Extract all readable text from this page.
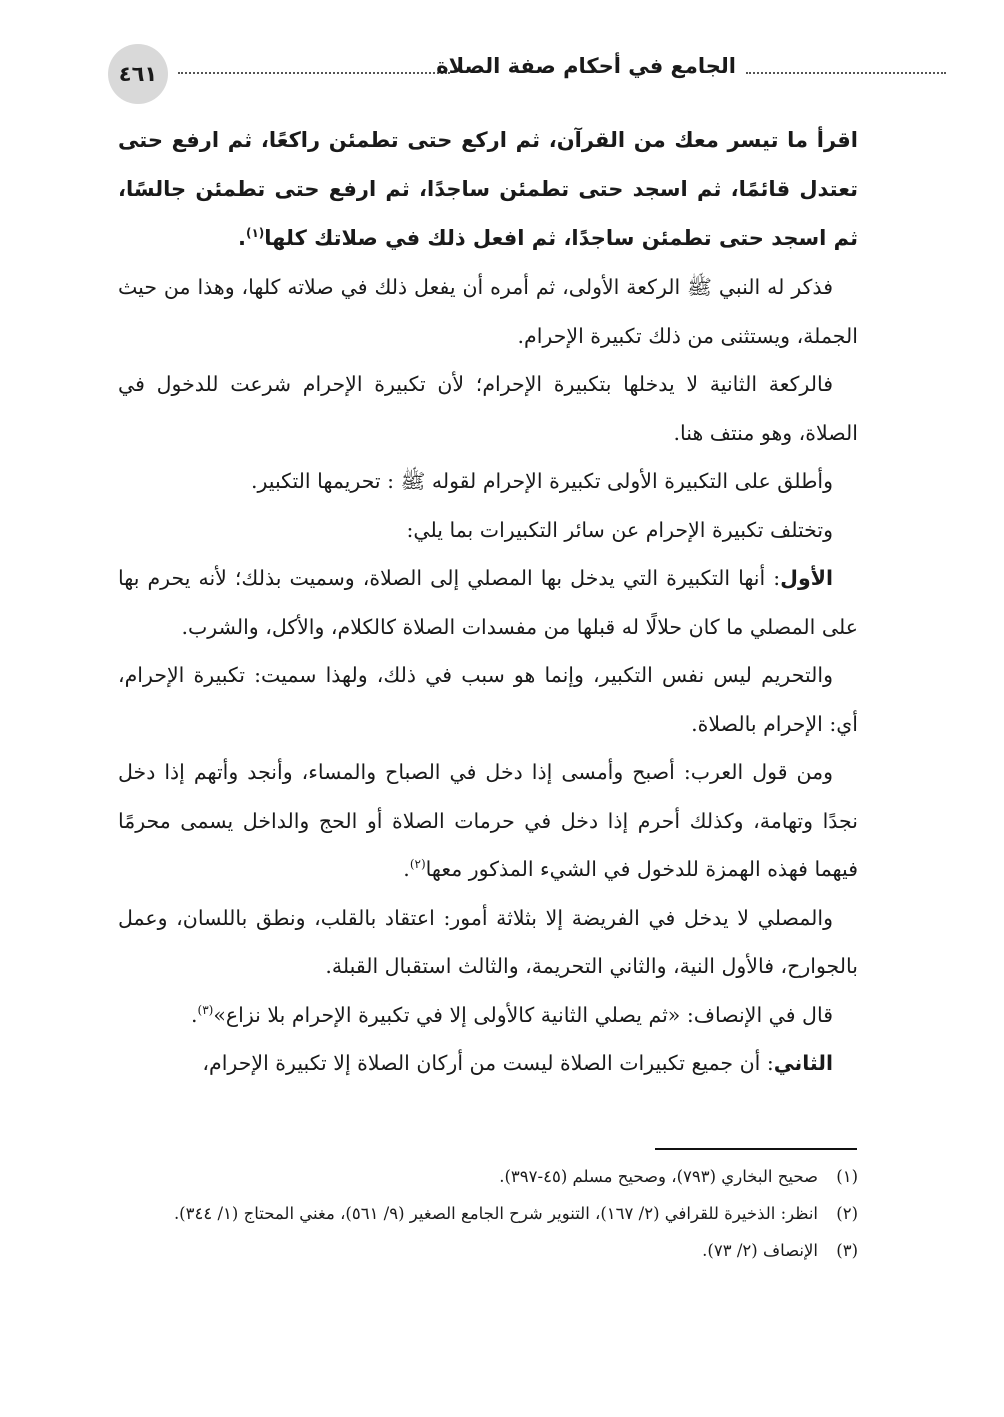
٤٦١	الجامع في أحكام صفة الصلاة

اقرأ ما تيسر معك من القرآن، ثم اركع حتى تطمئن راكعًا، ثم ارفع حتى تعتدل قائمًا، ثم اسجد حتى تطمئن ساجدًا، ثم ارفع حتى تطمئن جالسًا، ثم اسجد حتى تطمئن ساجدًا، ثم افعل ذلك في صلاتك كلها$^{(١)}$.

فذكر له النبي ﷺ الركعة الأولى، ثم أمره أن يفعل ذلك في صلاته كلها، وهذا من حيث الجملة، ويستثنى من ذلك تكبيرة الإحرام.

فالركعة الثانية لا يدخلها بتكبيرة الإحرام؛ لأن تكبيرة الإحرام شرعت للدخول في الصلاة، وهو منتف هنا.

وأطلق على التكبيرة الأولى تكبيرة الإحرام لقوله ﷺ : تحريمها التكبير.

وتختلف تكبيرة الإحرام عن سائر التكبيرات بما يلي:

الأول: أنها التكبيرة التي يدخل بها المصلي إلى الصلاة، وسميت بذلك؛ لأنه يحرم بها على المصلي ما كان حلالًا له قبلها من مفسدات الصلاة كالكلام، والأكل، والشرب.

والتحريم ليس نفس التكبير، وإنما هو سبب في ذلك، ولهذا سميت: تكبيرة الإحرام، أي: الإحرام بالصلاة.

ومن قول العرب: أصبح وأمسى إذا دخل في الصباح والمساء، وأنجد وأتهم إذا دخل نجدًا وتهامة، وكذلك أحرم إذا دخل في حرمات الصلاة أو الحج والداخل يسمى محرمًا فيهما فهذه الهمزة للدخول في الشيء المذكور معها$^{(٢)}$.

والمصلي لا يدخل في الفريضة إلا بثلاثة أمور: اعتقاد بالقلب، ونطق باللسان، وعمل بالجوارح، فالأول النية، والثاني التحريمة، والثالث استقبال القبلة.

قال في الإنصاف: «ثم يصلي الثانية كالأولى إلا في تكبيرة الإحرام بلا نزاع»$^{(٣)}$.

الثاني: أن جميع تكبيرات الصلاة ليست من أركان الصلاة إلا تكبيرة الإحرام،

(١)
صحيح البخاري (٧٩٣)، وصحيح مسلم (٤٥-٣٩٧).
(٢)
انظر: الذخيرة للقرافي (٢/ ١٦٧)، التنوير شرح الجامع الصغير (٩/ ٥٦١)، مغني المحتاج (١/ ٣٤٤).
(٣)
الإنصاف (٢/ ٧٣).
